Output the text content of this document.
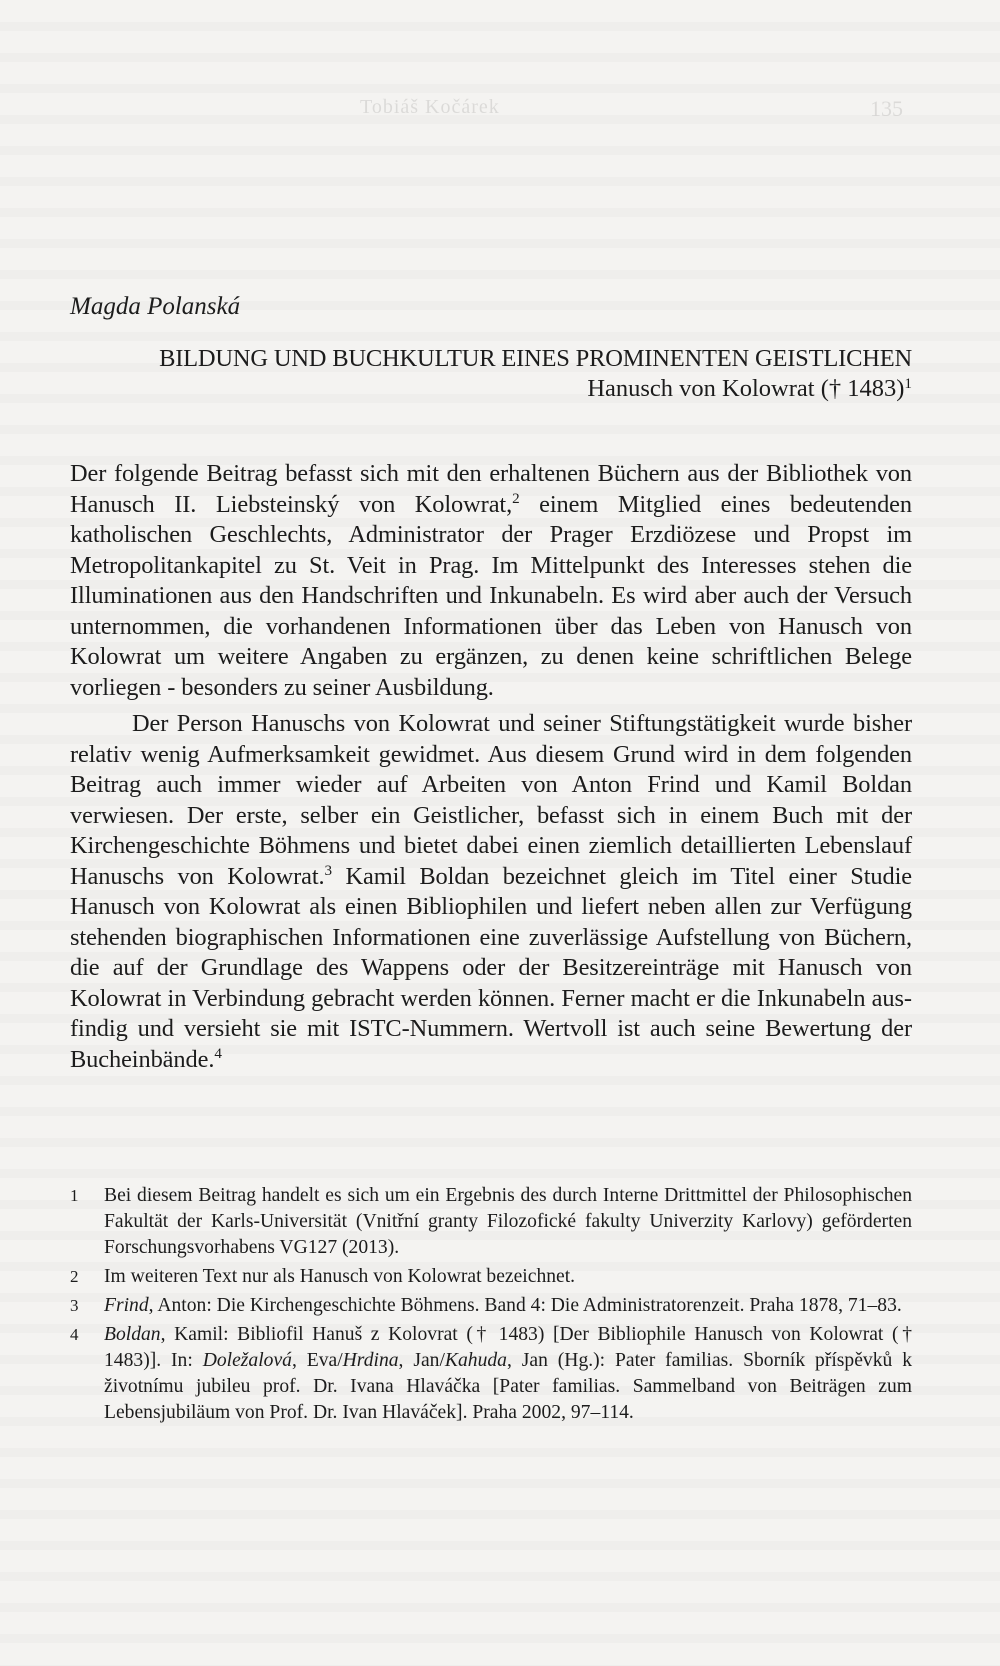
Tobiáš Kočárek	135
Magda Polanská
BILDUNG UND BUCHKULTUR EINES PROMINENTEN GEISTLICHEN
Hanusch von Kolowrat († 1483)$^1$

Der folgende Beitrag befasst sich mit den erhaltenen Büchern aus der Bibliothek von Hanusch II. Liebsteinský von Kolowrat,$^2$ einem Mitglied eines bedeutenden katholischen Geschlechts, Administrator der Prager Erzdiözese und Propst im Metropolitankapitel zu St. Veit in Prag. Im Mittelpunkt des Interesses stehen die Illuminationen aus den Handschriften und Inkunabeln. Es wird aber auch der Versuch unternommen, die vorhandenen Informationen über das Leben von Hanusch von Kolowrat um weitere Angaben zu ergänzen, zu denen keine schriftlichen Belege vorliegen - besonders zu seiner Ausbildung.

Der Person Hanuschs von Kolowrat und seiner Stiftungstätigkeit wurde bisher relativ wenig Aufmerksamkeit gewidmet. Aus diesem Grund wird in dem folgenden Beitrag auch immer wieder auf Arbeiten von Anton Frind und Kamil Boldan verwiesen. Der erste, selber ein Geistlicher, befasst sich in einem Buch mit der Kirchengeschichte Böhmens und bietet dabei einen ziemlich detaillierten Lebenslauf Hanuschs von Kolowrat.$^3$ Kamil Boldan bezeichnet gleich im Titel einer Studie Hanusch von Kolowrat als einen Bibliophilen und liefert neben allen zur Verfügung stehenden biographischen Informationen eine zuverlässige Aufstellung von Büchern, die auf der Grundlage des Wappens oder der Besitzereinträge mit Hanusch von Kolowrat in Verbindung gebracht werden können. Ferner macht er die Inkunabeln ausfindig und versieht sie mit ISTC-Nummern. Wertvoll ist auch seine Bewertung der Bucheinbände.$^4$

1 Bei diesem Beitrag handelt es sich um ein Ergebnis des durch Interne Drittmittel der Philosophischen Fakultät der Karls-Universität (Vnitřní granty Filozofické fakulty Univerzity Karlovy) geförderten Forschungsvorhabens VG127 (2013).
2 Im weiteren Text nur als Hanusch von Kolowrat bezeichnet.
3 Frind, Anton: Die Kirchengeschichte Böhmens. Band 4: Die Administratorenzeit. Praha 1878, 71–83.
4 Boldan, Kamil: Bibliofil Hanuš z Kolovrat († 1483) [Der Bibliophile Hanusch von Kolowrat († 1483)]. In: Doležalová, Eva/Hrdina, Jan/Kahuda, Jan (Hg.): Pater familias. Sborník příspěvků k životnímu jubileu prof. Dr. Ivana Hlaváčka [Pater familias. Sammelband von Beiträgen zum Lebensjubiläum von Prof. Dr. Ivan Hlaváček]. Praha 2002, 97–114.
